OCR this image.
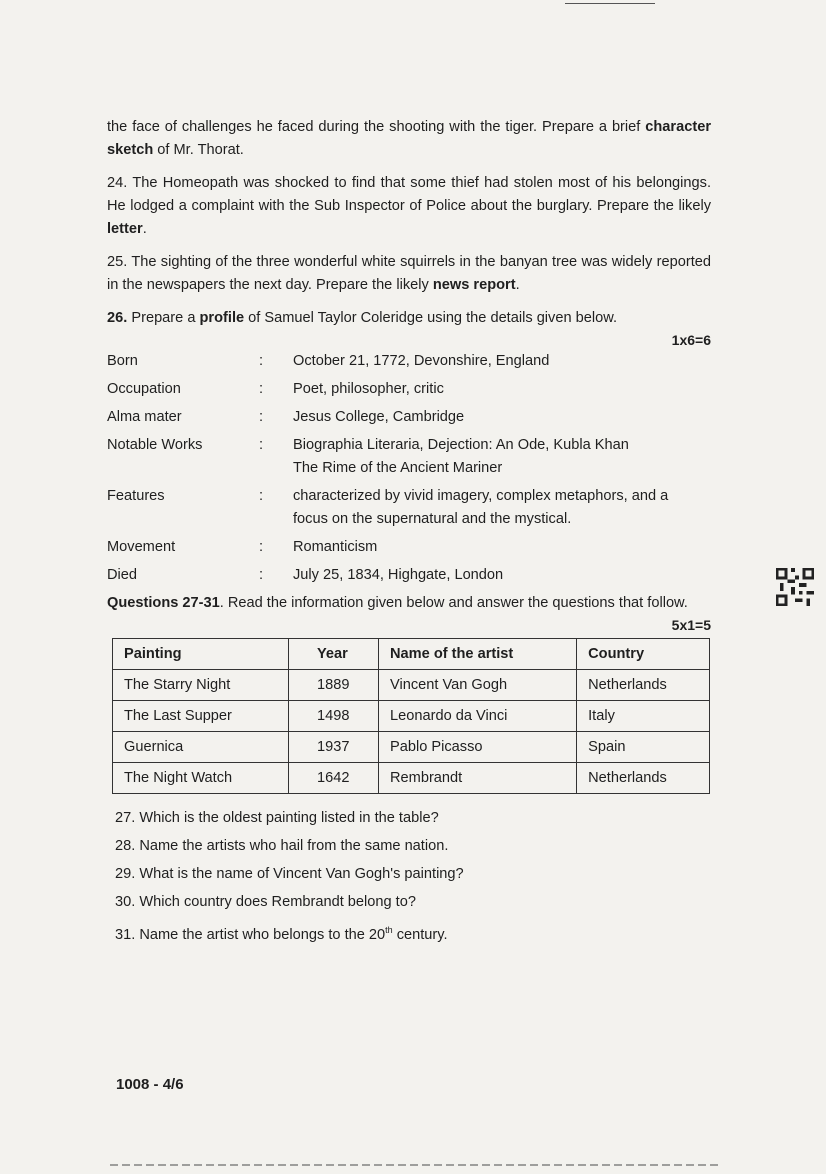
the face of challenges he faced during the shooting with the tiger. Prepare a brief character sketch of Mr. Thorat.

24. The Homeopath was shocked to find that some thief had stolen most of his belongings. He lodged a complaint with the Sub Inspector of Police about the burglary. Prepare the likely letter.

25. The sighting of the three wonderful white squirrels in the banyan tree was widely reported in the newspapers the next day. Prepare the likely news report.

26. Prepare a profile of Samuel Taylor Coleridge using the details given below.

1x6=6

Born	:	October 21, 1772, Devonshire, England
Occupation	:	Poet, philosopher, critic
Alma mater	:	Jesus College, Cambridge
Notable Works	:	Biographia Literaria, Dejection: An Ode, Kubla Khan
The Rime of the Ancient Mariner
Features	:	characterized by vivid imagery, complex metaphors, and a
focus on the supernatural and the mystical.
Movement	:	Romanticism
Died	:	July 25, 1834, Highgate, London

Questions 27-31. Read the information given below and answer the questions that follow.

5x1=5

Painting	Year	Name of the artist	Country
The Starry Night	1889	Vincent Van Gogh	Netherlands
The Last Supper	1498	Leonardo da Vinci	Italy
Guernica	1937	Pablo Picasso	Spain
The Night Watch	1642	Rembrandt	Netherlands

27. Which is the oldest painting listed in the table?

28. Name the artists who hail from the same nation.

29. What is the name of Vincent Van Gogh's painting?

30. Which country does Rembrandt belong to?

31. Name the artist who belongs to the 20th century.

1008 - 4/6
